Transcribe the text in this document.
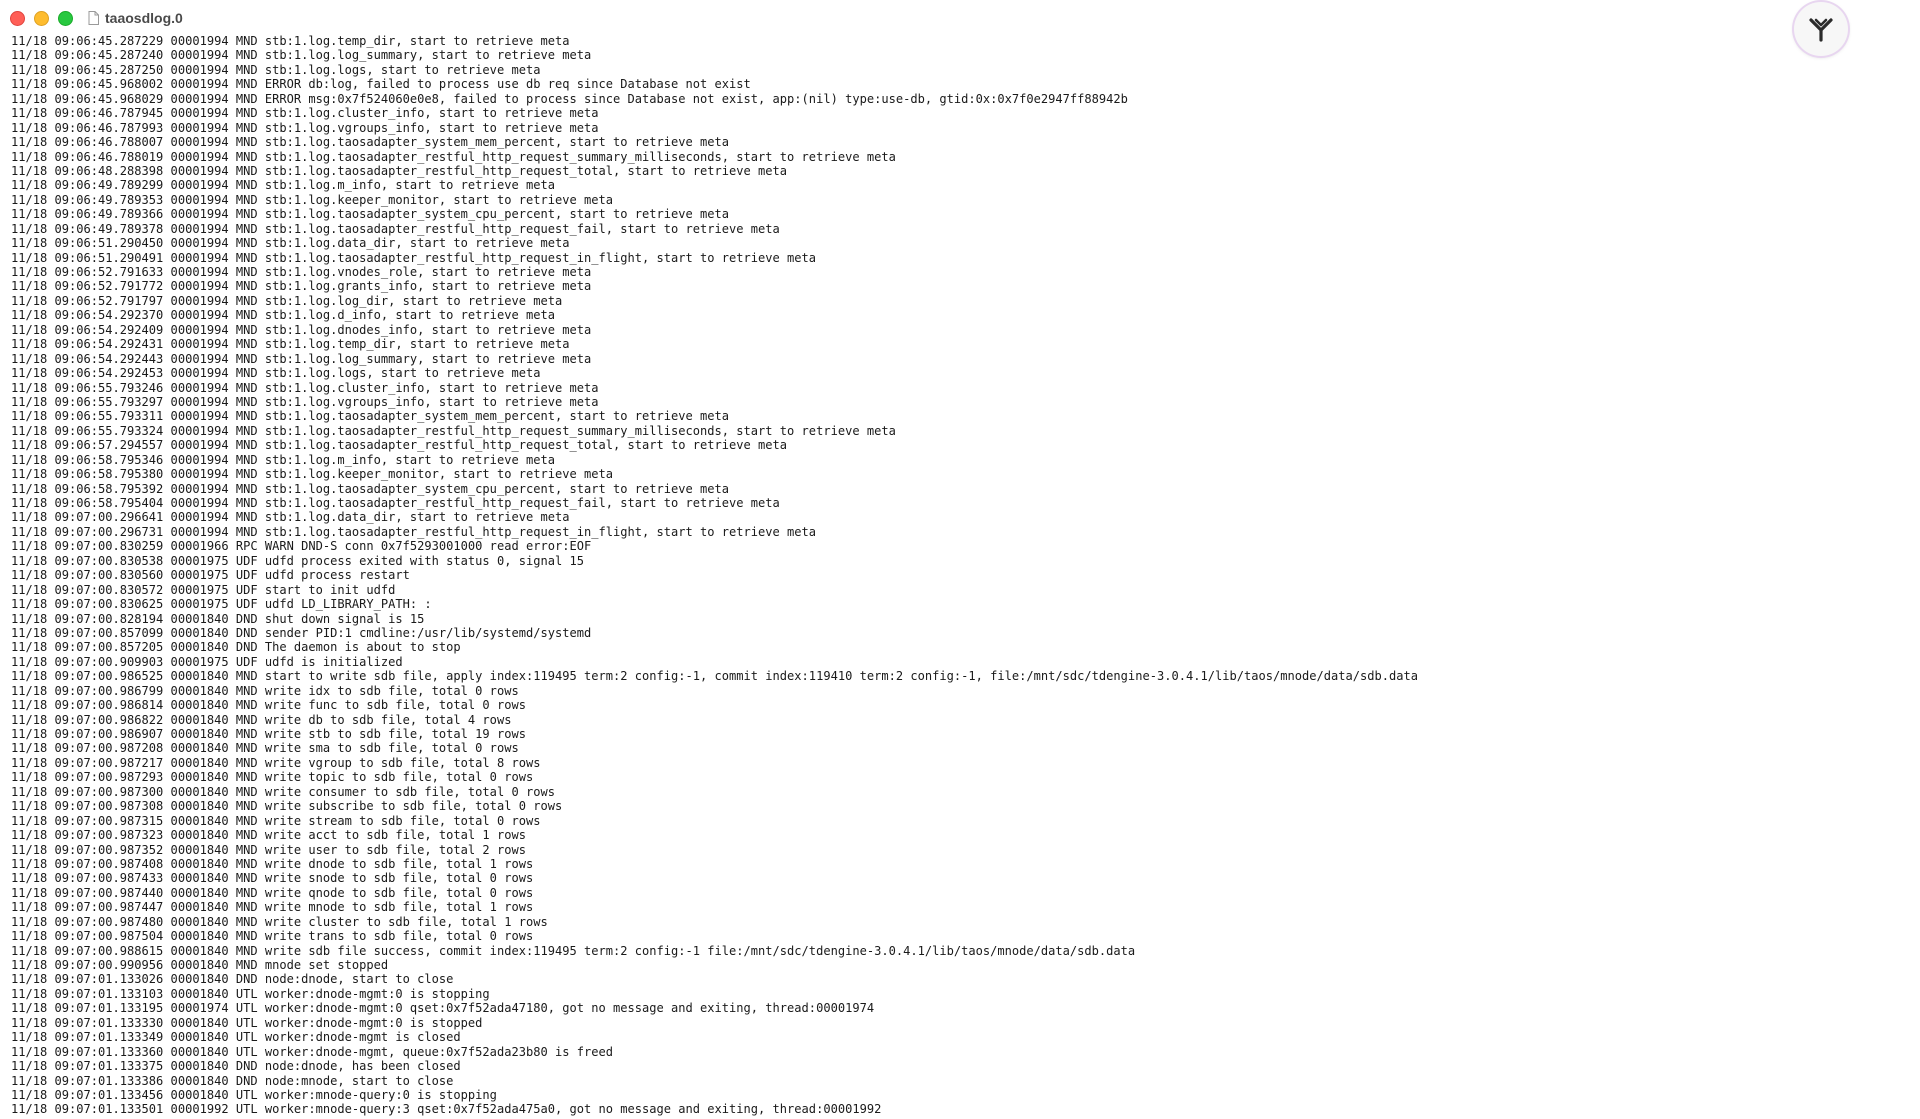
taaosdlog.0
11/18 09:06:45.287229 00001994 MND stb:1.log.temp_dir, start to retrieve meta
11/18 09:06:45.287240 00001994 MND stb:1.log.log_summary, start to retrieve meta
11/18 09:06:45.287250 00001994 MND stb:1.log.logs, start to retrieve meta
11/18 09:06:45.968002 00001994 MND ERROR db:log, failed to process use db req since Database not exist
11/18 09:06:45.968029 00001994 MND ERROR msg:0x7f524060e0e8, failed to process since Database not exist, app:(nil) type:use-db, gtid:0x:0x7f0e2947ff88942b
11/18 09:06:46.787945 00001994 MND stb:1.log.cluster_info, start to retrieve meta
11/18 09:06:46.787993 00001994 MND stb:1.log.vgroups_info, start to retrieve meta
11/18 09:06:46.788007 00001994 MND stb:1.log.taosadapter_system_mem_percent, start to retrieve meta
11/18 09:06:46.788019 00001994 MND stb:1.log.taosadapter_restful_http_request_summary_milliseconds, start to retrieve meta
11/18 09:06:48.288398 00001994 MND stb:1.log.taosadapter_restful_http_request_total, start to retrieve meta
11/18 09:06:49.789299 00001994 MND stb:1.log.m_info, start to retrieve meta
11/18 09:06:49.789353 00001994 MND stb:1.log.keeper_monitor, start to retrieve meta
11/18 09:06:49.789366 00001994 MND stb:1.log.taosadapter_system_cpu_percent, start to retrieve meta
11/18 09:06:49.789378 00001994 MND stb:1.log.taosadapter_restful_http_request_fail, start to retrieve meta
11/18 09:06:51.290450 00001994 MND stb:1.log.data_dir, start to retrieve meta
11/18 09:06:51.290491 00001994 MND stb:1.log.taosadapter_restful_http_request_in_flight, start to retrieve meta
11/18 09:06:52.791633 00001994 MND stb:1.log.vnodes_role, start to retrieve meta
11/18 09:06:52.791772 00001994 MND stb:1.log.grants_info, start to retrieve meta
11/18 09:06:52.791797 00001994 MND stb:1.log.log_dir, start to retrieve meta
11/18 09:06:54.292370 00001994 MND stb:1.log.d_info, start to retrieve meta
11/18 09:06:54.292409 00001994 MND stb:1.log.dnodes_info, start to retrieve meta
11/18 09:06:54.292431 00001994 MND stb:1.log.temp_dir, start to retrieve meta
11/18 09:06:54.292443 00001994 MND stb:1.log.log_summary, start to retrieve meta
11/18 09:06:54.292453 00001994 MND stb:1.log.logs, start to retrieve meta
11/18 09:06:55.793246 00001994 MND stb:1.log.cluster_info, start to retrieve meta
11/18 09:06:55.793297 00001994 MND stb:1.log.vgroups_info, start to retrieve meta
11/18 09:06:55.793311 00001994 MND stb:1.log.taosadapter_system_mem_percent, start to retrieve meta
11/18 09:06:55.793324 00001994 MND stb:1.log.taosadapter_restful_http_request_summary_milliseconds, start to retrieve meta
11/18 09:06:57.294557 00001994 MND stb:1.log.taosadapter_restful_http_request_total, start to retrieve meta
11/18 09:06:58.795346 00001994 MND stb:1.log.m_info, start to retrieve meta
11/18 09:06:58.795380 00001994 MND stb:1.log.keeper_monitor, start to retrieve meta
11/18 09:06:58.795392 00001994 MND stb:1.log.taosadapter_system_cpu_percent, start to retrieve meta
11/18 09:06:58.795404 00001994 MND stb:1.log.taosadapter_restful_http_request_fail, start to retrieve meta
11/18 09:07:00.296641 00001994 MND stb:1.log.data_dir, start to retrieve meta
11/18 09:07:00.296731 00001994 MND stb:1.log.taosadapter_restful_http_request_in_flight, start to retrieve meta
11/18 09:07:00.830259 00001966 RPC WARN DND-S conn 0x7f5293001000 read error:EOF
11/18 09:07:00.830538 00001975 UDF udfd process exited with status 0, signal 15
11/18 09:07:00.830560 00001975 UDF udfd process restart
11/18 09:07:00.830572 00001975 UDF start to init udfd
11/18 09:07:00.830625 00001975 UDF udfd LD_LIBRARY_PATH: :
11/18 09:07:00.828194 00001840 DND shut down signal is 15
11/18 09:07:00.857099 00001840 DND sender PID:1 cmdline:/usr/lib/systemd/systemd
11/18 09:07:00.857205 00001840 DND The daemon is about to stop
11/18 09:07:00.909903 00001975 UDF udfd is initialized
11/18 09:07:00.986525 00001840 MND start to write sdb file, apply index:119495 term:2 config:-1, commit index:119410 term:2 config:-1, file:/mnt/sdc/tdengine-3.0.4.1/lib/taos/mnode/data/sdb.data
11/18 09:07:00.986799 00001840 MND write idx to sdb file, total 0 rows
11/18 09:07:00.986814 00001840 MND write func to sdb file, total 0 rows
11/18 09:07:00.986822 00001840 MND write db to sdb file, total 4 rows
11/18 09:07:00.986907 00001840 MND write stb to sdb file, total 19 rows
11/18 09:07:00.987208 00001840 MND write sma to sdb file, total 0 rows
11/18 09:07:00.987217 00001840 MND write vgroup to sdb file, total 8 rows
11/18 09:07:00.987293 00001840 MND write topic to sdb file, total 0 rows
11/18 09:07:00.987300 00001840 MND write consumer to sdb file, total 0 rows
11/18 09:07:00.987308 00001840 MND write subscribe to sdb file, total 0 rows
11/18 09:07:00.987315 00001840 MND write stream to sdb file, total 0 rows
11/18 09:07:00.987323 00001840 MND write acct to sdb file, total 1 rows
11/18 09:07:00.987352 00001840 MND write user to sdb file, total 2 rows
11/18 09:07:00.987408 00001840 MND write dnode to sdb file, total 1 rows
11/18 09:07:00.987433 00001840 MND write snode to sdb file, total 0 rows
11/18 09:07:00.987440 00001840 MND write qnode to sdb file, total 0 rows
11/18 09:07:00.987447 00001840 MND write mnode to sdb file, total 1 rows
11/18 09:07:00.987480 00001840 MND write cluster to sdb file, total 1 rows
11/18 09:07:00.987504 00001840 MND write trans to sdb file, total 0 rows
11/18 09:07:00.988615 00001840 MND write sdb file success, commit index:119495 term:2 config:-1 file:/mnt/sdc/tdengine-3.0.4.1/lib/taos/mnode/data/sdb.data
11/18 09:07:00.990956 00001840 MND mnode set stopped
11/18 09:07:01.133026 00001840 DND node:dnode, start to close
11/18 09:07:01.133103 00001840 UTL worker:dnode-mgmt:0 is stopping
11/18 09:07:01.133195 00001974 UTL worker:dnode-mgmt:0 qset:0x7f52ada47180, got no message and exiting, thread:00001974
11/18 09:07:01.133330 00001840 UTL worker:dnode-mgmt:0 is stopped
11/18 09:07:01.133349 00001840 UTL worker:dnode-mgmt is closed
11/18 09:07:01.133360 00001840 UTL worker:dnode-mgmt, queue:0x7f52ada23b80 is freed
11/18 09:07:01.133375 00001840 DND node:dnode, has been closed
11/18 09:07:01.133386 00001840 DND node:mnode, start to close
11/18 09:07:01.133456 00001840 UTL worker:mnode-query:0 is stopping
11/18 09:07:01.133501 00001992 UTL worker:mnode-query:3 qset:0x7f52ada475a0, got no message and exiting, thread:00001992
